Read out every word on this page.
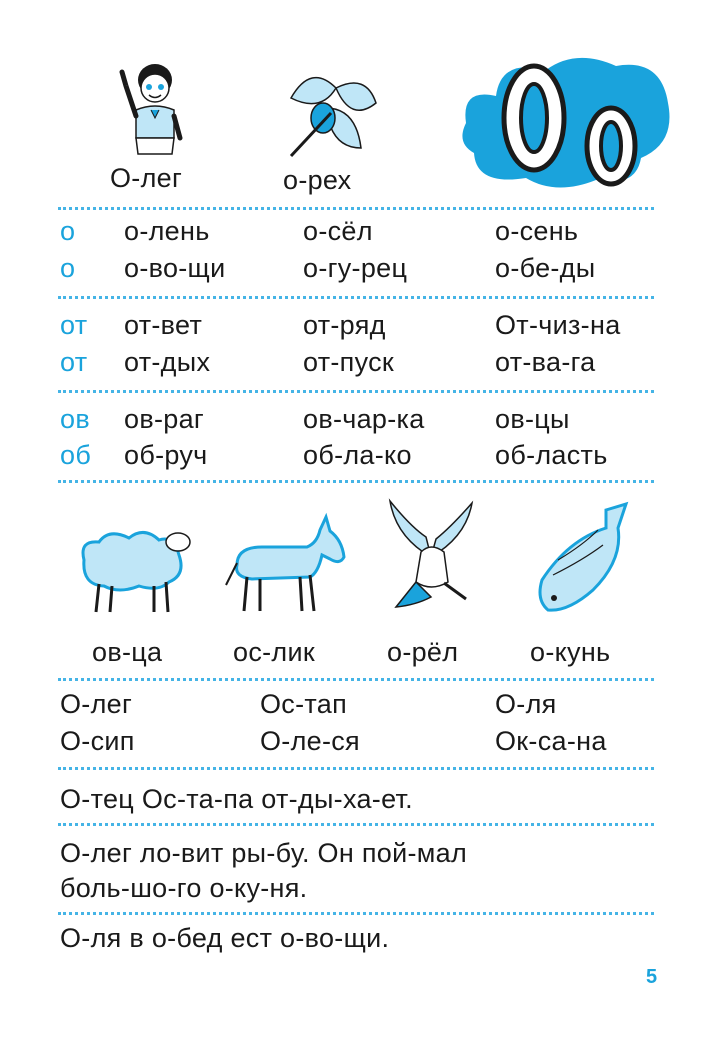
О-лег	о-рех
о о-лень	о-сёл	о-сень
о о-во-щи	о-гу-рец	о-бе-ды
от от-вет	от-ряд	От-чиз-на
от от-дых	от-пуск	от-ва-га
ов ов-раг	ов-чар-ка	ов-цы
об об-руч	об-ла-ко	об-ласть
ов-ца	ос-лик	о-рёл	о-кунь
О-лег	Ос-тап	О-ля
О-сип	О-ле-ся	Ок-са-на
О-тец Ос-та-па от-ды-ха-ет.
О-лег ло-вит ры-бу. Он пой-мал
боль-шо-го о-ку-ня.
О-ля в о-бед ест о-во-щи.
5
